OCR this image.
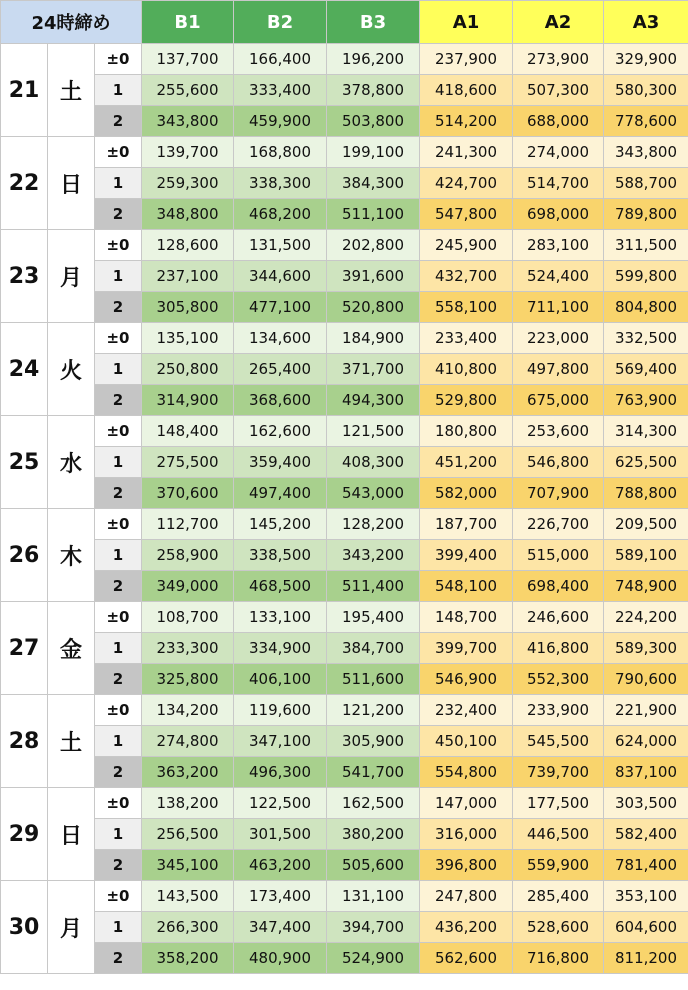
24時締め			B1	B2	B3	A1	A2	A3
21	土	±0	137,700	166,400	196,200	237,900	273,900	329,900
		1	255,600	333,400	378,800	418,600	507,300	580,300
		2	343,800	459,900	503,800	514,200	688,000	778,600
22	日	±0	139,700	168,800	199,100	241,300	274,000	343,800
		1	259,300	338,300	384,300	424,700	514,700	588,700
		2	348,800	468,200	511,100	547,800	698,000	789,800
23	月	±0	128,600	131,500	202,800	245,900	283,100	311,500
		1	237,100	344,600	391,600	432,700	524,400	599,800
		2	305,800	477,100	520,800	558,100	711,100	804,800
24	火	±0	135,100	134,600	184,900	233,400	223,000	332,500
		1	250,800	265,400	371,700	410,800	497,800	569,400
		2	314,900	368,600	494,300	529,800	675,000	763,900
25	水	±0	148,400	162,600	121,500	180,800	253,600	314,300
		1	275,500	359,400	408,300	451,200	546,800	625,500
		2	370,600	497,400	543,000	582,000	707,900	788,800
26	木	±0	112,700	145,200	128,200	187,700	226,700	209,500
		1	258,900	338,500	343,200	399,400	515,000	589,100
		2	349,000	468,500	511,400	548,100	698,400	748,900
27	金	±0	108,700	133,100	195,400	148,700	246,600	224,200
		1	233,300	334,900	384,700	399,700	416,800	589,300
		2	325,800	406,100	511,600	546,900	552,300	790,600
28	土	±0	134,200	119,600	121,200	232,400	233,900	221,900
		1	274,800	347,100	305,900	450,100	545,500	624,000
		2	363,200	496,300	541,700	554,800	739,700	837,100
29	日	±0	138,200	122,500	162,500	147,000	177,500	303,500
		1	256,500	301,500	380,200	316,000	446,500	582,400
		2	345,100	463,200	505,600	396,800	559,900	781,400
30	月	±0	143,500	173,400	131,100	247,800	285,400	353,100
		1	266,300	347,400	394,700	436,200	528,600	604,600
		2	358,200	480,900	524,900	562,600	716,800	811,200
